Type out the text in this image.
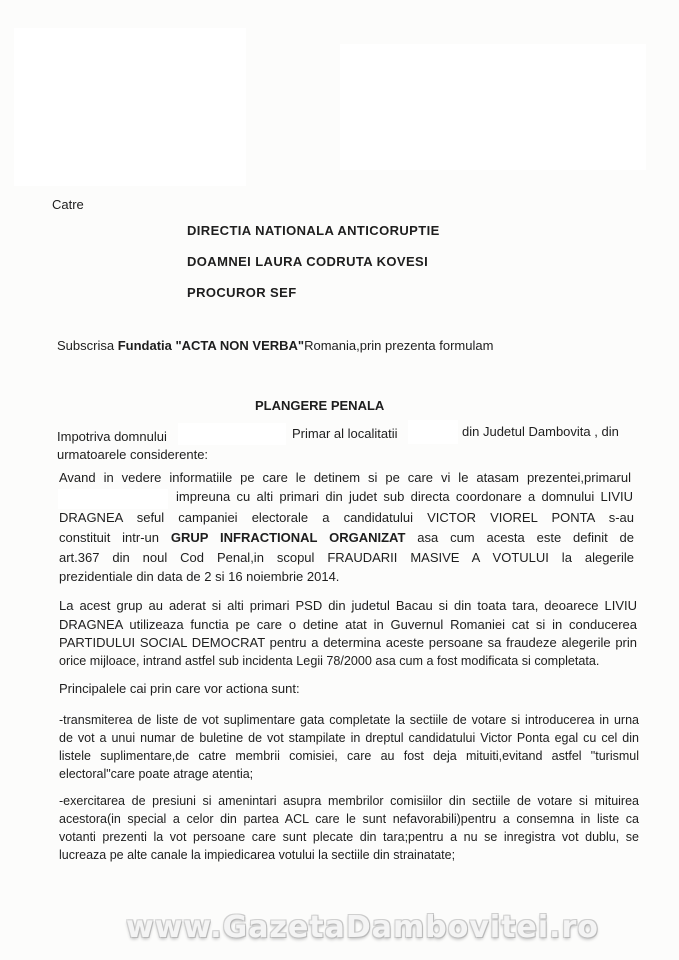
Catre
DIRECTIA NATIONALA ANTICORUPTIE
DOAMNEI LAURA CODRUTA KOVESI
PROCUROR SEF
Subscrisa Fundatia "ACTA NON VERBA"Romania,prin prezenta formulam
PLANGERE PENALA
Impotriva domnului	Primar al localitatii	din Judetul Dambovita , din
urmatoarele considerente:
Avand in vedere informatiile pe care le detinem si pe care vi le atasam prezentei,primarul
impreuna cu alti primari din judet sub directa coordonare a domnului LIVIU
DRAGNEA seful campaniei electorale a candidatului VICTOR VIOREL PONTA s-au
constituit intr-un GRUP INFRACTIONAL ORGANIZAT asa cum acesta este definit de
art.367 din noul Cod Penal,in scopul FRAUDARII MASIVE A VOTULUI la alegerile
prezidentiale din data de 2 si 16 noiembrie 2014.
La acest grup au aderat si alti primari PSD din judetul Bacau si din toata tara, deoarece LIVIU
DRAGNEA utilizeaza functia pe care o detine atat in Guvernul Romaniei cat si in conducerea
PARTIDULUI SOCIAL DEMOCRAT pentru a determina aceste persoane sa fraudeze alegerile prin
orice mijloace, intrand astfel sub incidenta Legii 78/2000 asa cum a fost modificata si completata.
Principalele cai prin care vor actiona sunt:
-transmiterea de liste de vot suplimentare gata completate la sectiile de votare si introducerea in urna
de vot a unui numar de buletine de vot stampilate in dreptul candidatului Victor Ponta egal cu cel din
listele suplimentare,de catre membrii comisiei, care au fost deja mituiti,evitand astfel "turismul
electoral"care poate atrage atentia;
-exercitarea de presiuni si amenintari asupra membrilor comisiilor din sectiile de votare si mituirea
acestora(in special a celor din partea ACL care le sunt nefavorabili)pentru a consemna in liste ca
votanti prezenti la vot persoane care sunt plecate din tara;pentru a nu se inregistra vot dublu, se
lucreaza pe alte canale la impiedicarea votului la sectiile din strainatate;
www.GazetaDambovitei.ro
